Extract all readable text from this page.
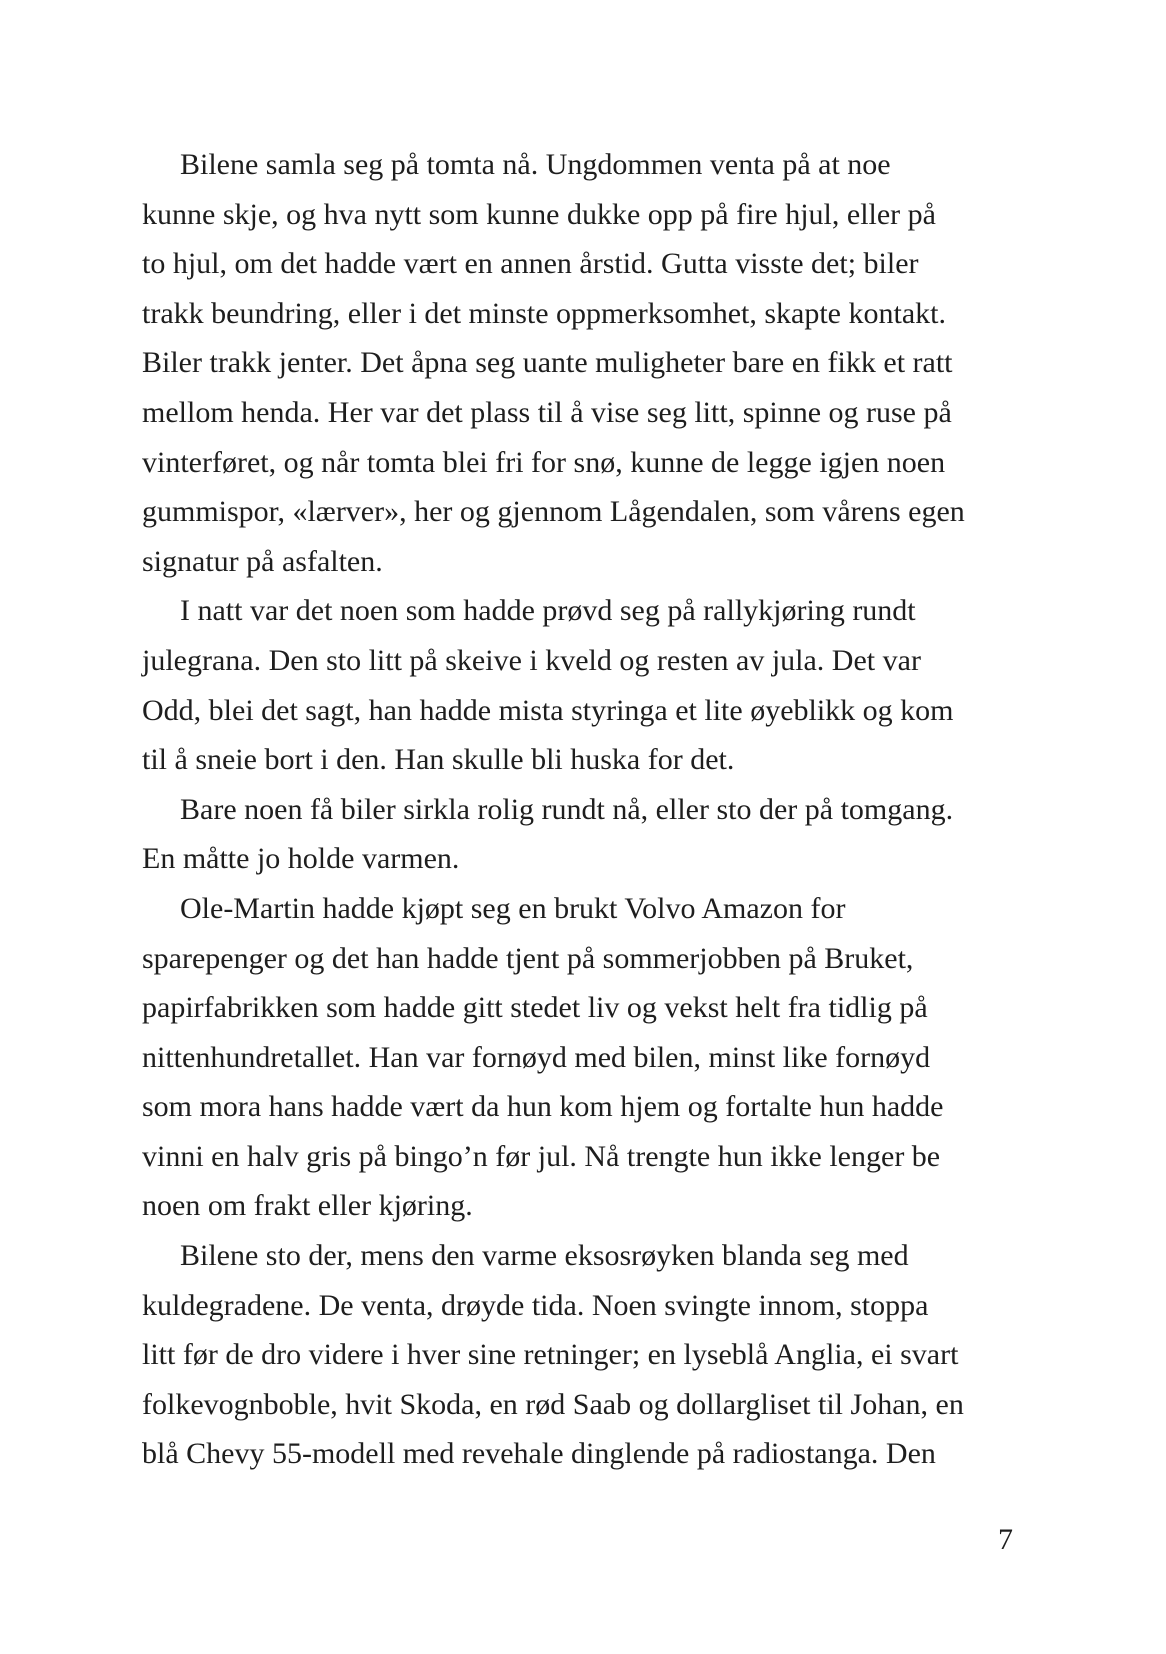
Bilene samla seg på tomta nå. Ungdommen venta på at noe
kunne skje, og hva nytt som kunne dukke opp på fire hjul, eller på
to hjul, om det hadde vært en annen årstid. Gutta visste det; biler
trakk beundring, eller i det minste oppmerksomhet, skapte kontakt.
Biler trakk jenter. Det åpna seg uante muligheter bare en fikk et ratt
mellom henda. Her var det plass til å vise seg litt, spinne og ruse på
vinterføret, og når tomta blei fri for snø, kunne de legge igjen noen
gummispor, «lærver», her og gjennom Lågendalen, som vårens egen
signatur på asfalten.
I natt var det noen som hadde prøvd seg på rallykjøring rundt
julegrana. Den sto litt på skeive i kveld og resten av jula. Det var
Odd, blei det sagt, han hadde mista styringa et lite øyeblikk og kom
til å sneie bort i den. Han skulle bli huska for det.
Bare noen få biler sirkla rolig rundt nå, eller sto der på tomgang.
En måtte jo holde varmen.
Ole-Martin hadde kjøpt seg en brukt Volvo Amazon for
sparepenger og det han hadde tjent på sommerjobben på Bruket,
papirfabrikken som hadde gitt stedet liv og vekst helt fra tidlig på
nittenhundretallet. Han var fornøyd med bilen, minst like fornøyd
som mora hans hadde vært da hun kom hjem og fortalte hun hadde
vinni en halv gris på bingo’n før jul. Nå trengte hun ikke lenger be
noen om frakt eller kjøring.
Bilene sto der, mens den varme eksosrøyken blanda seg med
kuldegradene. De venta, drøyde tida. Noen svingte innom, stoppa
litt før de dro videre i hver sine retninger; en lyseblå Anglia, ei svart
folkevognboble, hvit Skoda, en rød Saab og dollargliset til Johan, en
blå Chevy 55-modell med revehale dinglende på radiostanga. Den
7
